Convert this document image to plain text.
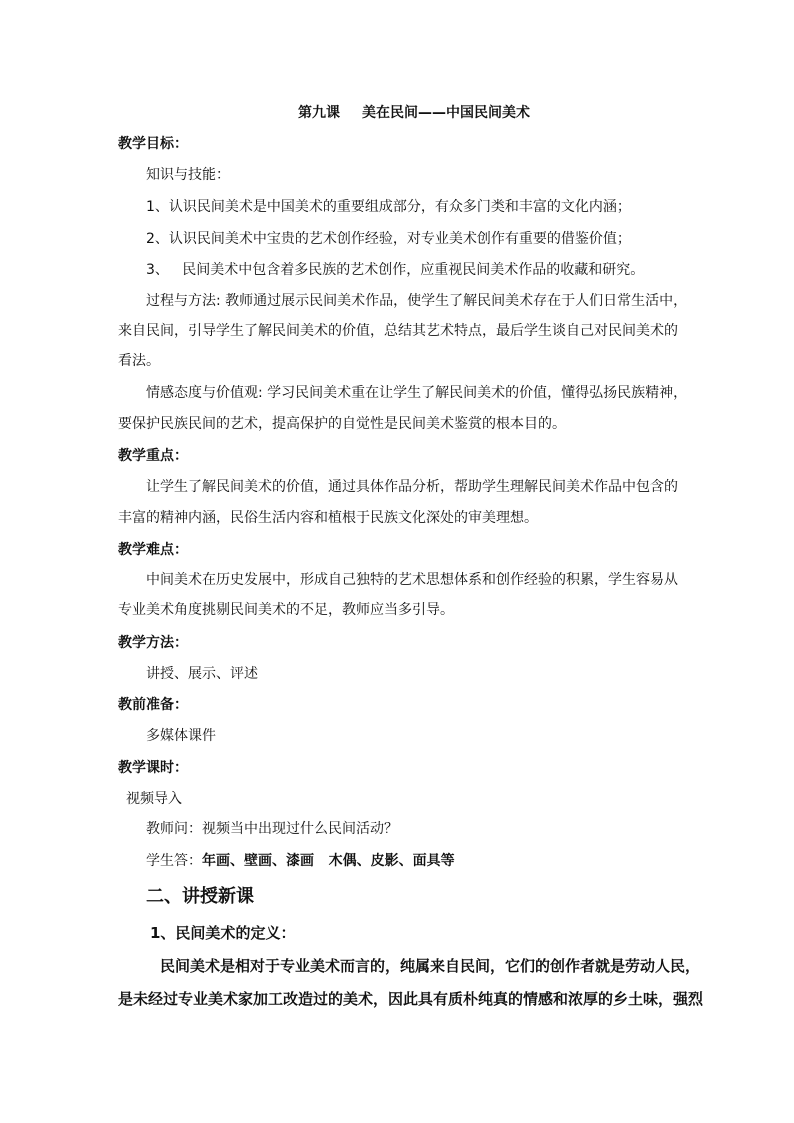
第九课 美在民间——中国民间美术
教学目标：
知识与技能：
1、认识民间美术是中国美术的重要组成部分，有众多门类和丰富的文化内涵；
2、认识民间美术中宝贵的艺术创作经验，对专业美术创作有重要的借鉴价值；
3、   民间美术中包含着多民族的艺术创作，应重视民间美术作品的收藏和研究。
过程与方法: 教师通过展示民间美术作品，使学生了解民间美术存在于人们日常生活中，
来自民间，引导学生了解民间美术的价值，总结其艺术特点，最后学生谈自己对民间美术的
看法。
情感态度与价值观: 学习民间美术重在让学生了解民间美术的价值，懂得弘扬民族精神，
要保护民族民间的艺术，提高保护的自觉性是民间美术鉴赏的根本目的。
教学重点：
让学生了解民间美术的价值，通过具体作品分析，帮助学生理解民间美术作品中包含的
丰富的精神内涵，民俗生活内容和植根于民族文化深处的审美理想。
教学难点：
中间美术在历史发展中，形成自己独特的艺术思想体系和创作经验的积累，学生容易从
专业美术角度挑剔民间美术的不足，教师应当多引导。
教学方法：
讲授、展示、评述
教前准备：
多媒体课件
教学课时：
视频导入
教师问：视频当中出现过什么民间活动？
学生答：年画、壁画、漆画   木偶、皮影、面具等
二、讲授新课
1、民间美术的定义：
民间美术是相对于专业美术而言的，纯属来自民间，它们的创作者就是劳动人民，
是未经过专业美术家加工改造过的美术，因此具有质朴纯真的情感和浓厚的乡土味，强烈
